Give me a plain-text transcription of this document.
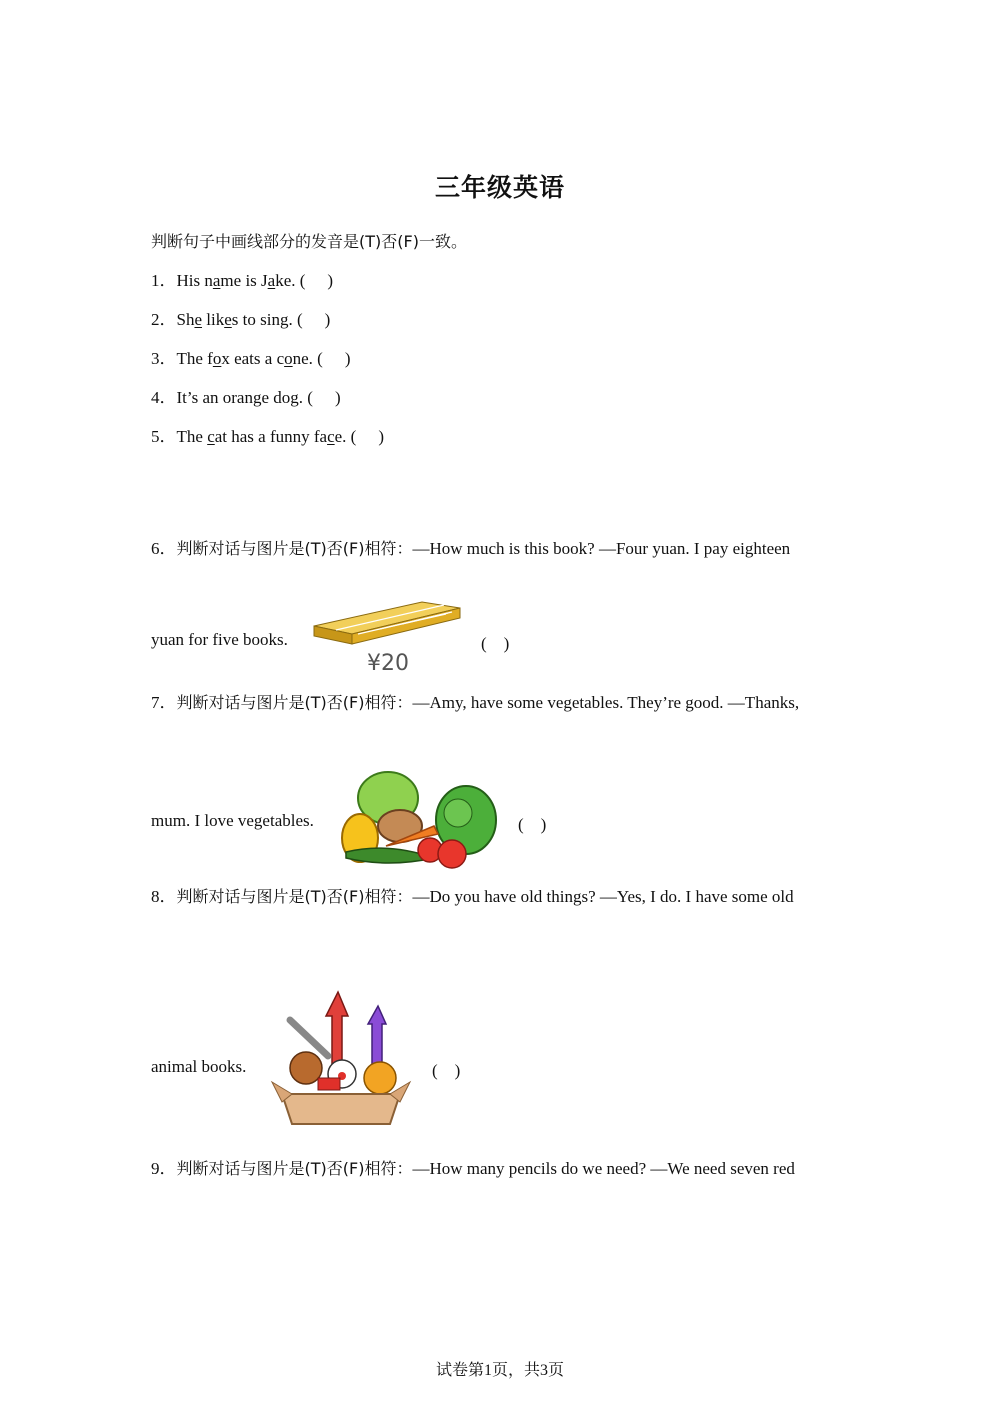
三年级英语
判断句子中画线部分的发音是(T)否(F)一致。
1．His name is Jake. ( )
2．She likes to sing. ( )
3．The fox eats a cone. ( )
4．It’s an orange dog. ( )
5．The cat has a funny face. ( )
6．判断对话与图片是(T)否(F)相符：—How much is this book? —Four yuan. I pay eighteen
yuan for five books.
¥20
(　)
7．判断对话与图片是(T)否(F)相符：—Amy, have some vegetables. They’re good. —Thanks,
mum. I love vegetables.	(　)
8．判断对话与图片是(T)否(F)相符：—Do you have old things? —Yes, I do. I have some old
animal books.	(　)
9．判断对话与图片是(T)否(F)相符：—How many pencils do we need? —We need seven red
试卷第1页，共3页
